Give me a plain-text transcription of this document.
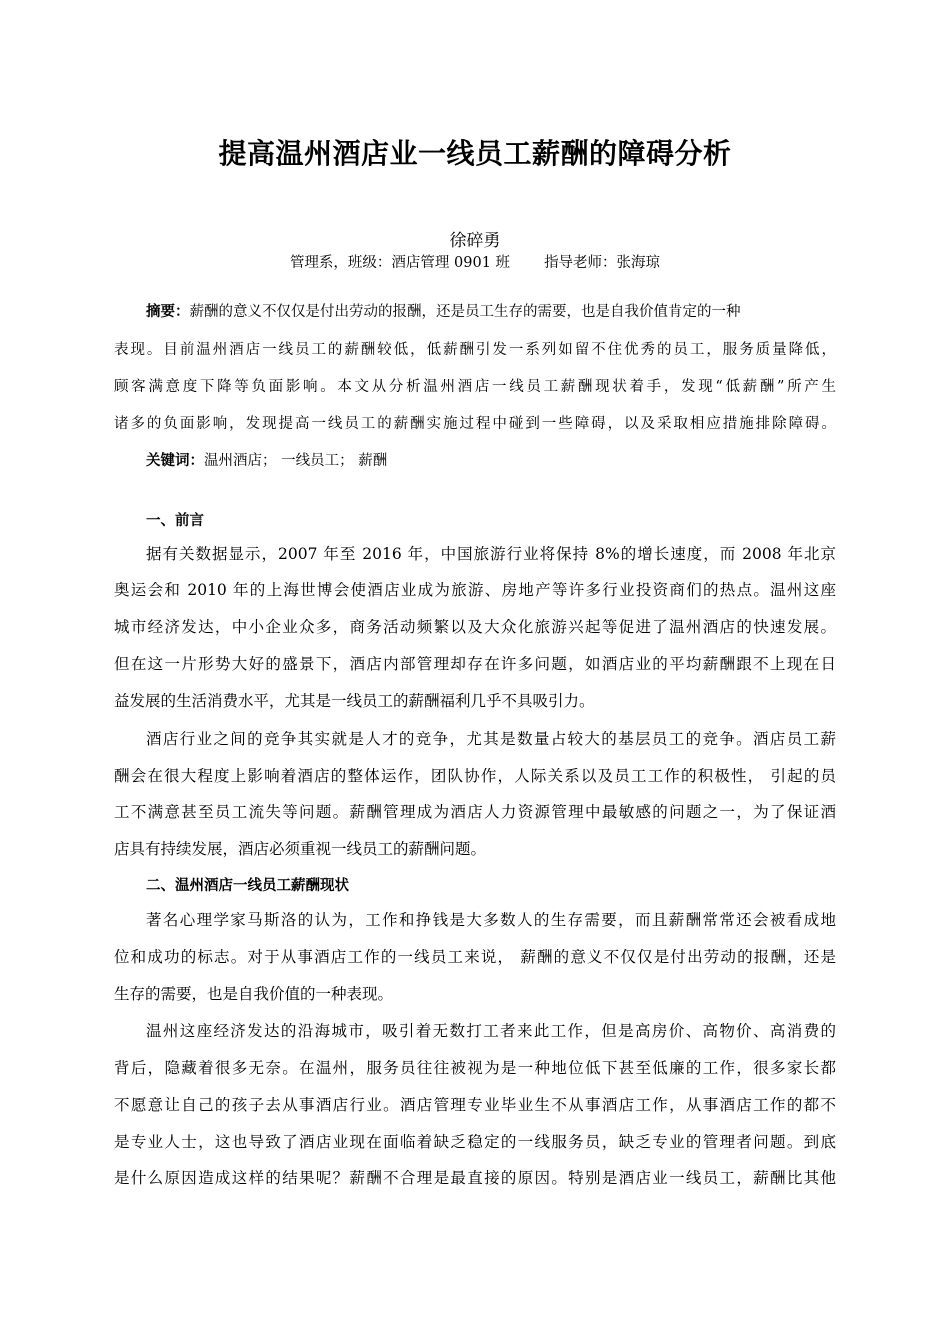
提高温州酒店业一线员工薪酬的障碍分析
徐碎勇
管理系，班级：酒店管理 0901 班 指导老师：张海琼
摘要：薪酬的意义不仅仅是付出劳动的报酬，还是员工生存的需要，也是自我价值肯定的一种
表现。目前温州酒店一线员工的薪酬较低，低薪酬引发一系列如留不住优秀的员工，服务质量降低，
顾客满意度下降等负面影响。本文从分析温州酒店一线员工薪酬现状着手，发现“低薪酬”所产生
诸多的负面影响，发现提高一线员工的薪酬实施过程中碰到一些障碍，以及采取相应措施排除障碍。
关键词：温州酒店； 一线员工； 薪酬
一、前言
据有关数据显示，2007 年至 2016 年，中国旅游行业将保持 8%的增长速度，而 2008 年北京
奥运会和 2010 年的上海世博会使酒店业成为旅游、房地产等许多行业投资商们的热点。温州这座
城市经济发达，中小企业众多，商务活动频繁以及大众化旅游兴起等促进了温州酒店的快速发展。
但在这一片形势大好的盛景下，酒店内部管理却存在许多问题，如酒店业的平均薪酬跟不上现在日
益发展的生活消费水平，尤其是一线员工的薪酬福利几乎不具吸引力。
酒店行业之间的竞争其实就是人才的竞争，尤其是数量占较大的基层员工的竞争。酒店员工薪
酬会在很大程度上影响着酒店的整体运作，团队协作，人际关系以及员工工作的积极性， 引起的员
工不满意甚至员工流失等问题。薪酬管理成为酒店人力资源管理中最敏感的问题之一，为了保证酒
店具有持续发展，酒店必须重视一线员工的薪酬问题。
二、温州酒店一线员工薪酬现状
著名心理学家马斯洛的认为，工作和挣钱是大多数人的生存需要，而且薪酬常常还会被看成地
位和成功的标志。对于从事酒店工作的一线员工来说， 薪酬的意义不仅仅是付出劳动的报酬，还是
生存的需要，也是自我价值的一种表现。
温州这座经济发达的沿海城市，吸引着无数打工者来此工作，但是高房价、高物价、高消费的
背后，隐藏着很多无奈。在温州，服务员往往被视为是一种地位低下甚至低廉的工作，很多家长都
不愿意让自己的孩子去从事酒店行业。酒店管理专业毕业生不从事酒店工作，从事酒店工作的都不
是专业人士，这也导致了酒店业现在面临着缺乏稳定的一线服务员，缺乏专业的管理者问题。到底
是什么原因造成这样的结果呢？薪酬不合理是最直接的原因。特别是酒店业一线员工，薪酬比其他
